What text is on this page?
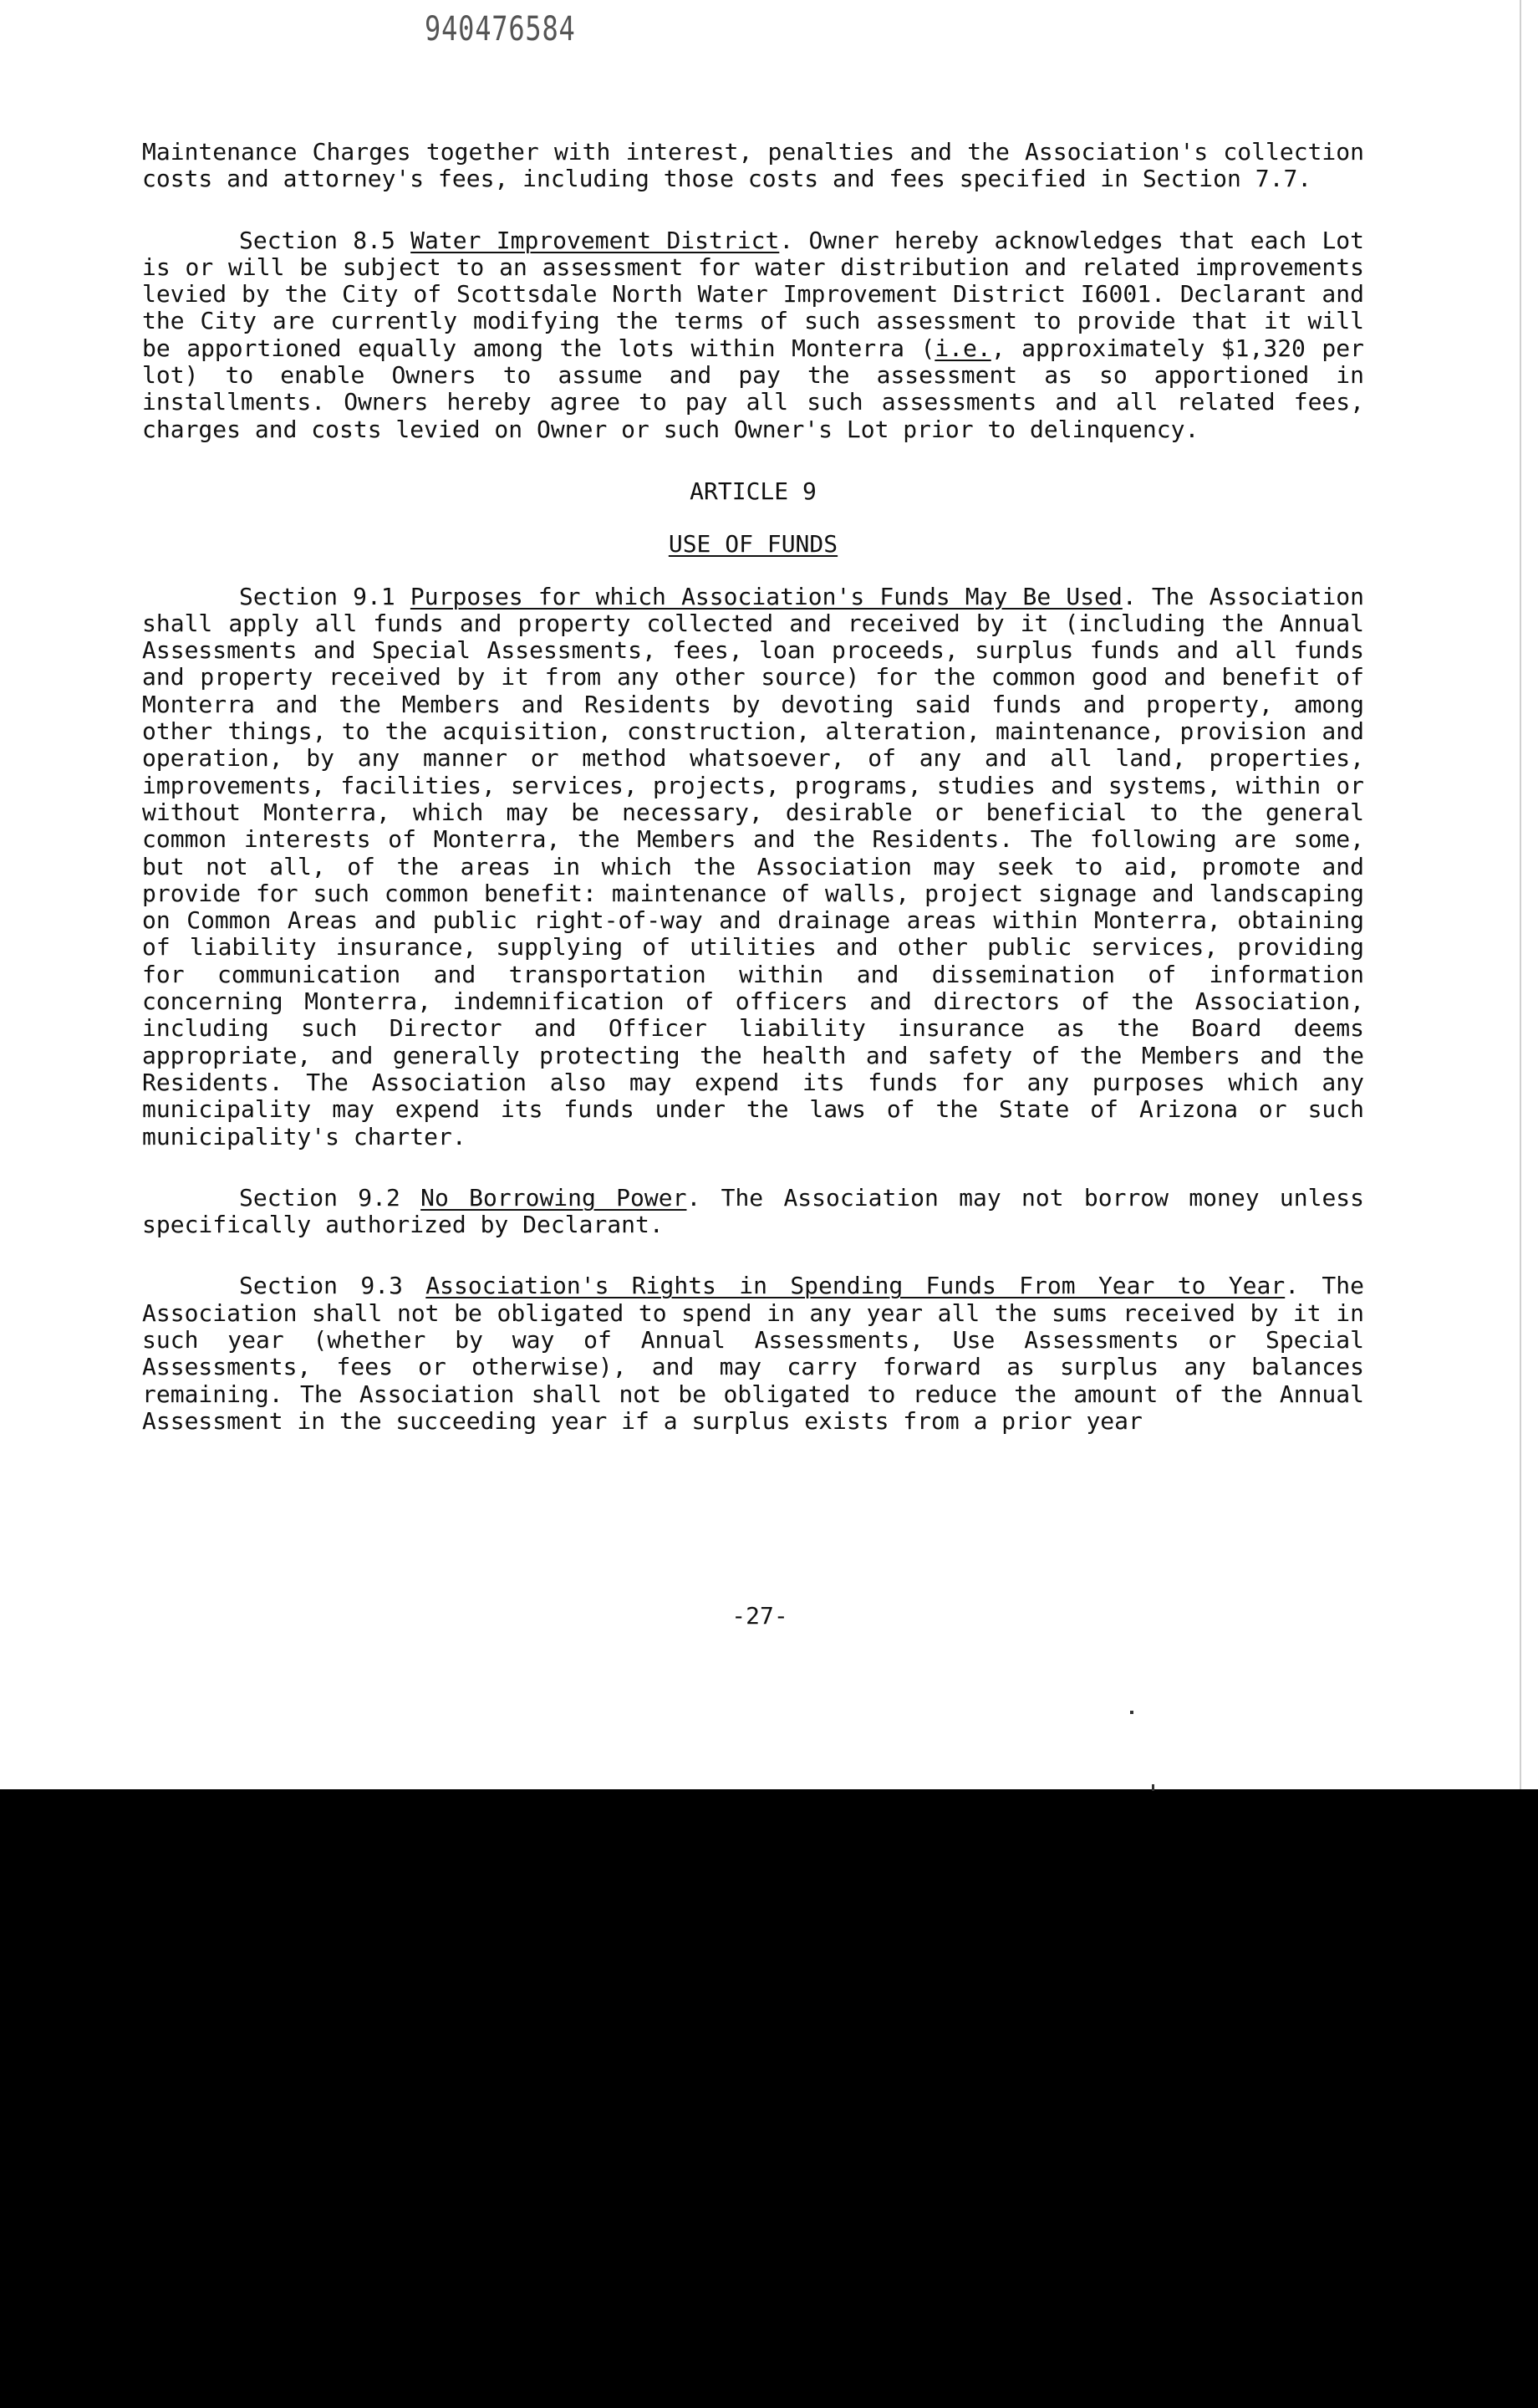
940476584

Maintenance Charges together with interest, penalties and the Association's collection costs and attorney's fees, including those costs and fees specified in Section 7.7.

Section 8.5 Water Improvement District. Owner hereby acknowledges that each Lot is or will be subject to an assessment for water distribution and related improvements levied by the City of Scottsdale North Water Improvement District I6001. Declarant and the City are currently modifying the terms of such assessment to provide that it will be apportioned equally among the lots within Monterra (i.e., approximately $1,320 per lot) to enable Owners to assume and pay the assessment as so apportioned in installments. Owners hereby agree to pay all such assessments and all related fees, charges and costs levied on Owner or such Owner's Lot prior to delinquency.

ARTICLE 9

USE OF FUNDS

Section 9.1 Purposes for which Association's Funds May Be Used. The Association shall apply all funds and property collected and received by it (including the Annual Assessments and Special Assessments, fees, loan proceeds, surplus funds and all funds and property received by it from any other source) for the common good and benefit of Monterra and the Members and Residents by devoting said funds and property, among other things, to the acquisition, construction, alteration, maintenance, provision and operation, by any manner or method whatsoever, of any and all land, properties, improvements, facilities, services, projects, programs, studies and systems, within or without Monterra, which may be necessary, desirable or beneficial to the general common interests of Monterra, the Members and the Residents. The following are some, but not all, of the areas in which the Association may seek to aid, promote and provide for such common benefit: maintenance of walls, project signage and landscaping on Common Areas and public right-of-way and drainage areas within Monterra, obtaining of liability insurance, supplying of utilities and other public services, providing for communication and transportation within and dissemination of information concerning Monterra, indemnification of officers and directors of the Association, including such Director and Officer liability insurance as the Board deems appropriate, and generally protecting the health and safety of the Members and the Residents. The Association also may expend its funds for any purposes which any municipality may expend its funds under the laws of the State of Arizona or such municipality's charter.

Section 9.2 No Borrowing Power. The Association may not borrow money unless specifically authorized by Declarant.

Section 9.3 Association's Rights in Spending Funds From Year to Year. The Association shall not be obligated to spend in any year all the sums received by it in such year (whether by way of Annual Assessments, Use Assessments or Special Assessments, fees or otherwise), and may carry forward as surplus any balances remaining. The Association shall not be obligated to reduce the amount of the Annual Assessment in the succeeding year if a surplus exists from a prior year

-27-
